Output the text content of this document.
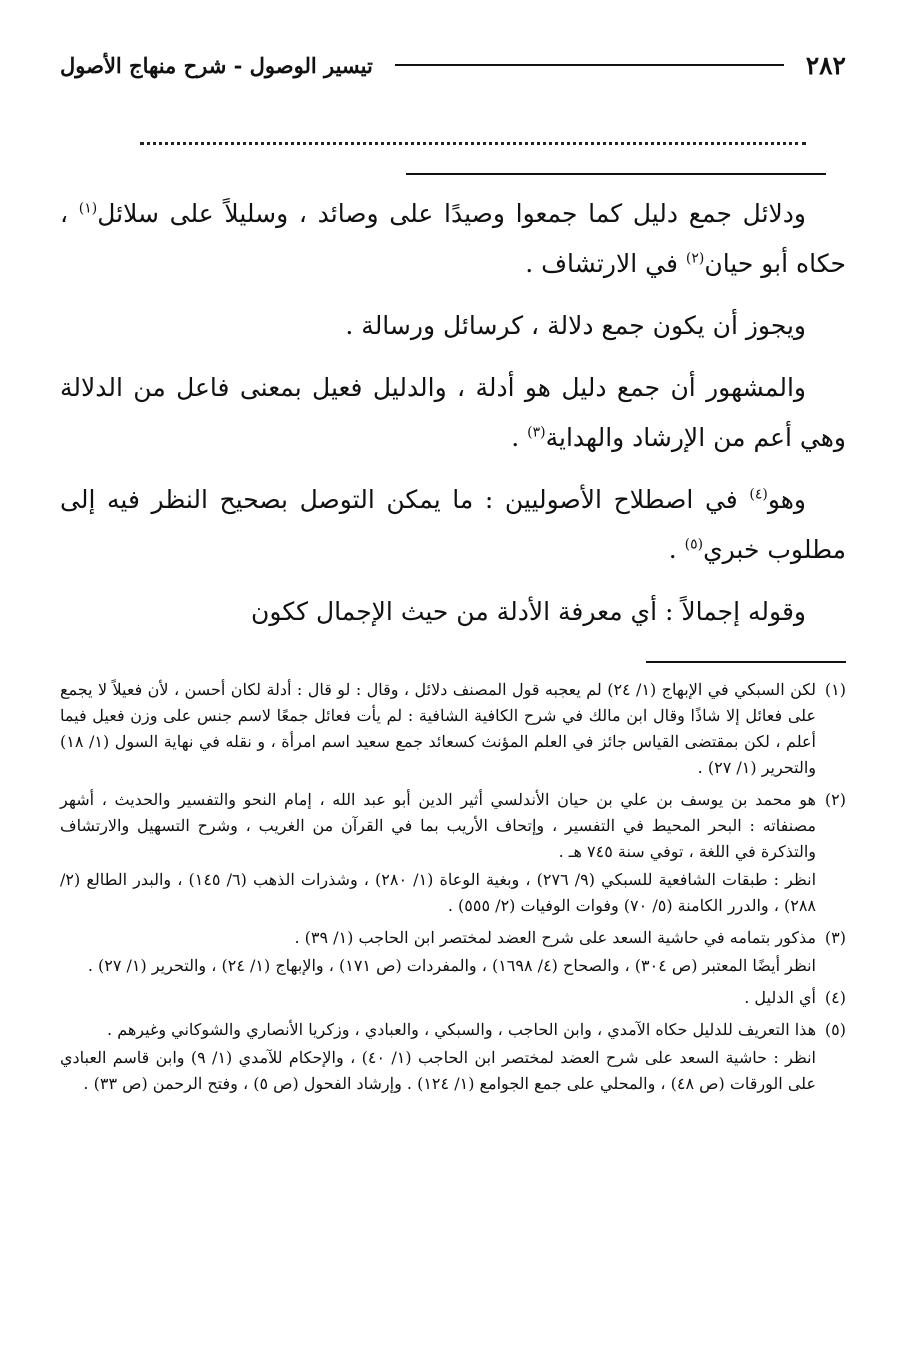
٢٨٢
تيسير الوصول - شرح منهاج الأصول

ودلائل جمع دليل كما جمعوا وصيدًا على وصائد ، وسليلاً على سلائل$^{(١)}$ ، حكاه أبو حيان$^{(٢)}$ في الارتشاف .

ويجوز أن يكون جمع دلالة ، كرسائل ورسالة .

والمشهور أن جمع دليل هو أدلة ، والدليل فعيل بمعنى فاعل من الدلالة وهي أعم من الإرشاد والهداية$^{(٣)}$ .

وهو$^{(٤)}$ في اصطلاح الأصوليين : ما يمكن التوصل بصحيح النظر فيه إلى مطلوب خبري$^{(٥)}$ .

وقوله إجمالاً : أي معرفة الأدلة من حيث الإجمال ككون

(١)

لكن السبكي في الإبهاج (١/ ٢٤) لم يعجبه قول المصنف دلائل ، وقال : لو قال : أدلة لكان أحسن ، لأن فعيلاً لا يجمع على فعائل إلا شاذًا وقال ابن مالك في شرح الكافية الشافية : لم يأت فعائل جمعًا لاسم جنس على وزن فعيل فيما أعلم ، لكن بمقتضى القياس جائز في العلم المؤنث كسعائد جمع سعيد اسم امرأة ، و نقله في نهاية السول (١/ ١٨) والتحرير (١/ ٢٧) .

(٢)

هو محمد بن يوسف بن علي بن حيان الأندلسي أثير الدين أبو عبد الله ، إمام النحو والتفسير والحديث ، أشهر مصنفاته : البحر المحيط في التفسير ، وإتحاف الأريب بما في القرآن من الغريب ، وشرح التسهيل والارتشاف والتذكرة في اللغة ، توفي سنة ٧٤٥ هـ .

انظر : طبقات الشافعية للسبكي (٩/ ٢٧٦) ، وبغية الوعاة (١/ ٢٨٠) ، وشذرات الذهب (٦/ ١٤٥) ، والبدر الطالع (٢/ ٢٨٨) ، والدرر الكامنة (٥/ ٧٠) وفوات الوفيات (٢/ ٥٥٥) .

(٣)

مذكور بتمامه في حاشية السعد على شرح العضد لمختصر ابن الحاجب (١/ ٣٩) .

انظر أيضًا المعتبر (ص ٣٠٤) ، والصحاح (٤/ ١٦٩٨) ، والمفردات (ص ١٧١) ، والإبهاج (١/ ٢٤) ، والتحرير (١/ ٢٧) .

(٤)

أي الدليل .

(٥)

هذا التعريف للدليل حكاه الآمدي ، وابن الحاجب ، والسبكي ، والعبادي ، وزكريا الأنصاري والشوكاني وغيرهم .

انظر : حاشية السعد على شرح العضد لمختصر ابن الحاجب (١/ ٤٠) ، والإحكام للآمدي (١/ ٩) وابن قاسم العبادي على الورقات (ص ٤٨) ، والمحلي على جمع الجوامع (١/ ١٢٤) . وإرشاد الفحول (ص ٥) ، وفتح الرحمن (ص ٣٣) .
